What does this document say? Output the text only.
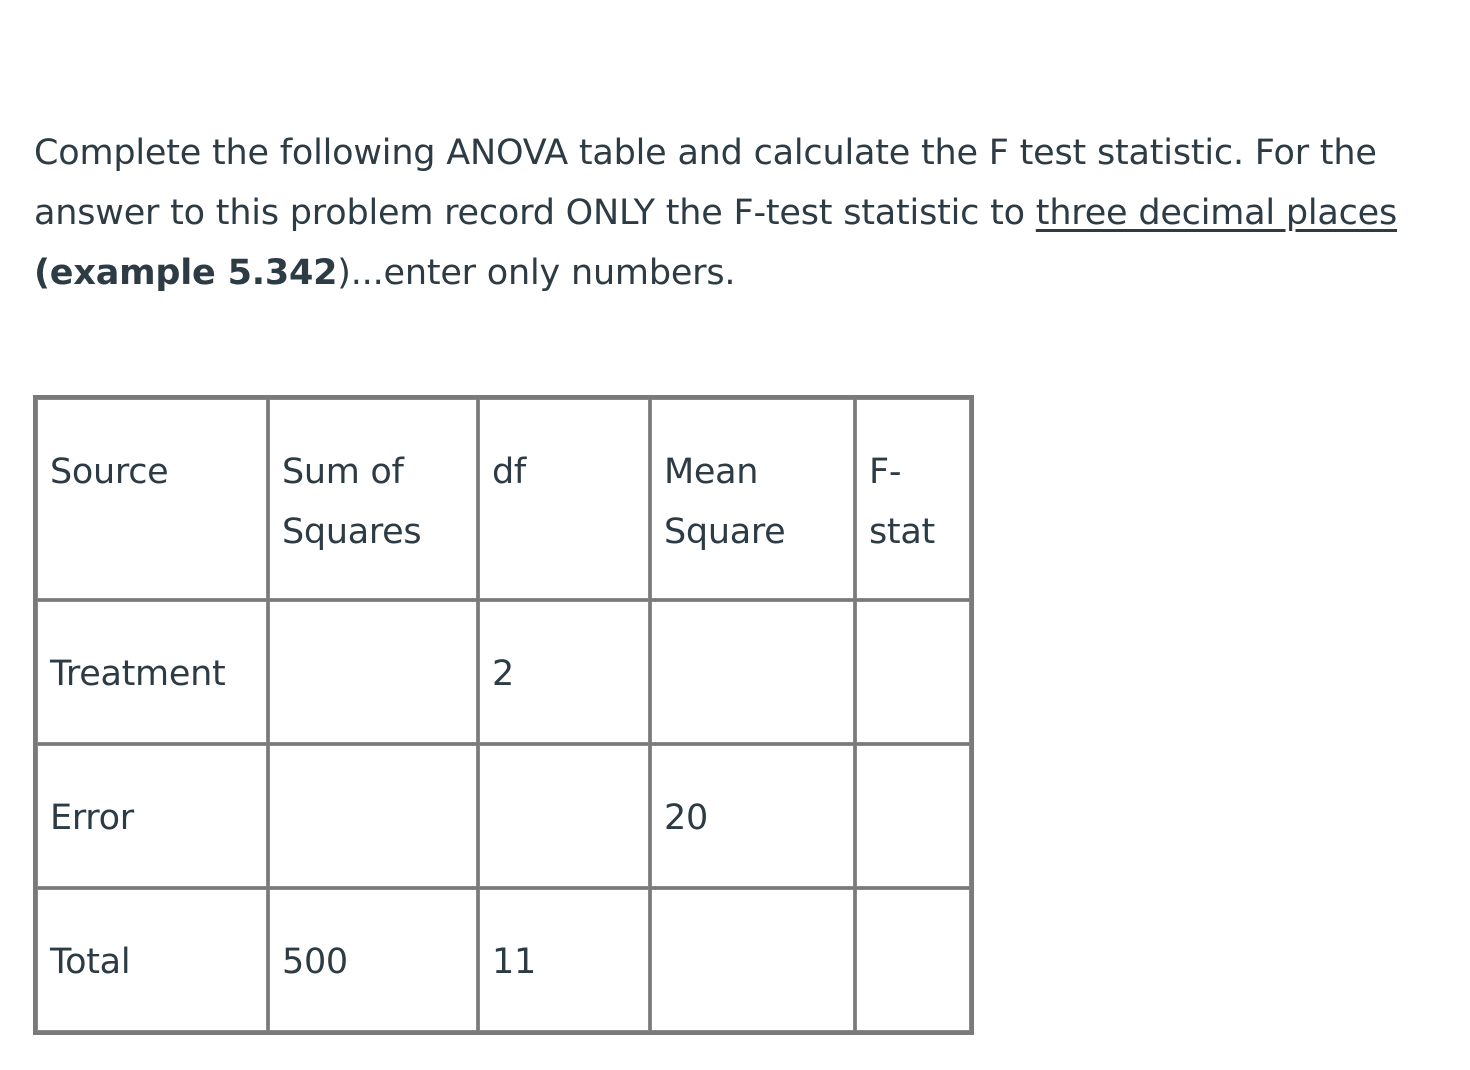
Complete the following ANOVA table and calculate the F test statistic. For the answer to this problem record ONLY the F-test statistic to three decimal places
(example 5.342)...enter only numbers.
Source	Sum of Squares	df	Mean Square	F-stat
Treatment		2		
Error			20	
Total	500	11		
